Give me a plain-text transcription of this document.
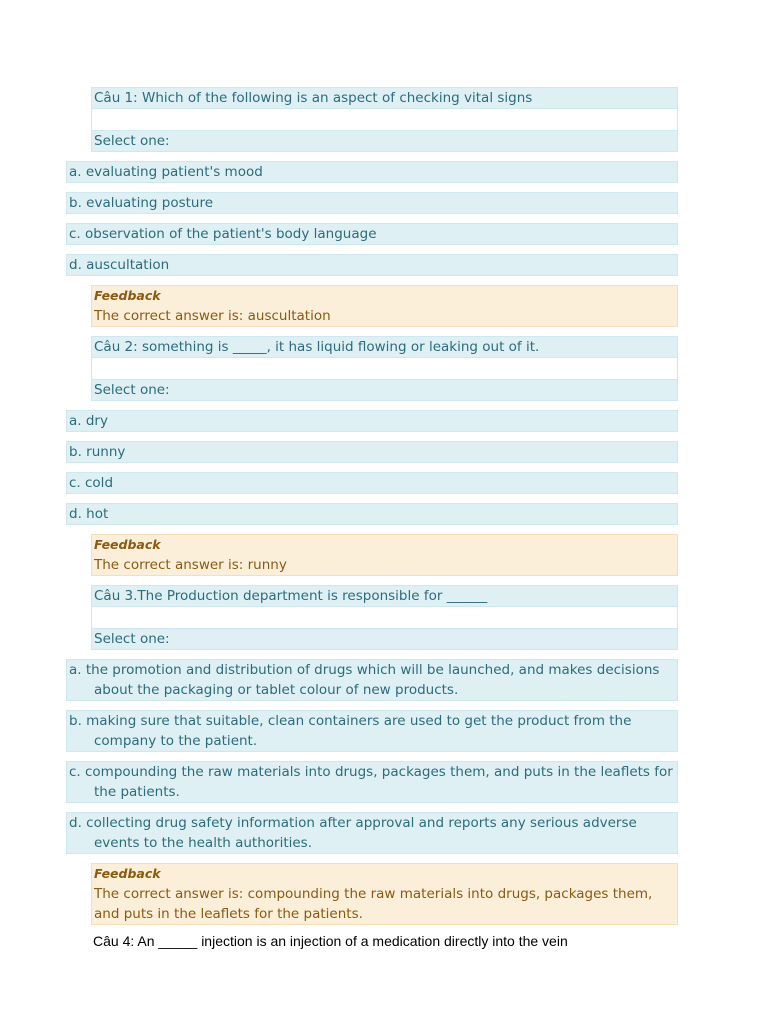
Câu 1: Which of the following is an aspect of checking vital signs
Select one:
a. evaluating patient's mood
b. evaluating posture
c. observation of the patient's body language
d. auscultation
Feedback
The correct answer is: auscultation
Câu 2: something is _____, it has liquid flowing or leaking out of it.
Select one:
a. dry
b. runny
c. cold
d. hot
Feedback
The correct answer is: runny
Câu 3.The Production department is responsible for ______
Select one:
a. the promotion and distribution of drugs which will be launched, and makes decisions about the packaging or tablet colour of new products.
b. making sure that suitable, clean containers are used to get the product from the company to the patient.
c. compounding the raw materials into drugs, packages them, and puts in the leaflets for the patients.
d. collecting drug safety information after approval and reports any serious adverse events to the health authorities.
Feedback
The correct answer is: compounding the raw materials into drugs, packages them, and puts in the leaflets for the patients.
Câu 4: An _____ injection is an injection of a medication directly into the vein
